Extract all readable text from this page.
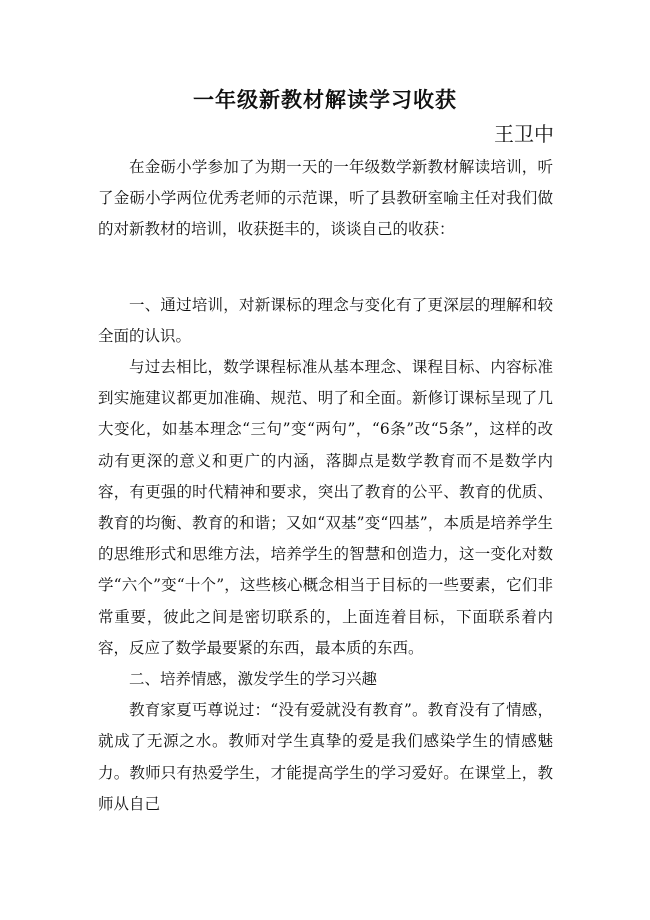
一年级新教材解读学习收获
王卫中

在金砺小学参加了为期一天的一年级数学新教材解读培训，听了金砺小学两位优秀老师的示范课，听了县教研室喻主任对我们做的对新教材的培训，收获挺丰的，谈谈自己的收获：

一、通过培训，对新课标的理念与变化有了更深层的理解和较全面的认识。

与过去相比，数学课程标准从基本理念、课程目标、内容标准到实施建议都更加准确、规范、明了和全面。新修订课标呈现了几大变化，如基本理念“三句”变“两句”，“6条”改“5条”，这样的改动有更深的意义和更广的内涵，落脚点是数学教育而不是数学内容，有更强的时代精神和要求，突出了教育的公平、教育的优质、教育的均衡、教育的和谐；又如“双基”变“四基”，本质是培养学生的思维形式和思维方法，培养学生的智慧和创造力，这一变化对数学“六个”变“十个”，这些核心概念相当于目标的一些要素，它们非常重要，彼此之间是密切联系的，上面连着目标，下面联系着内容，反应了数学最要紧的东西，最本质的东西。

二、培养情感，激发学生的学习兴趣

教育家夏丐尊说过：“没有爱就没有教育”。教育没有了情感，就成了无源之水。教师对学生真挚的爱是我们感染学生的情感魅力。教师只有热爱学生，才能提高学生的学习爱好。在课堂上，教师从自己
